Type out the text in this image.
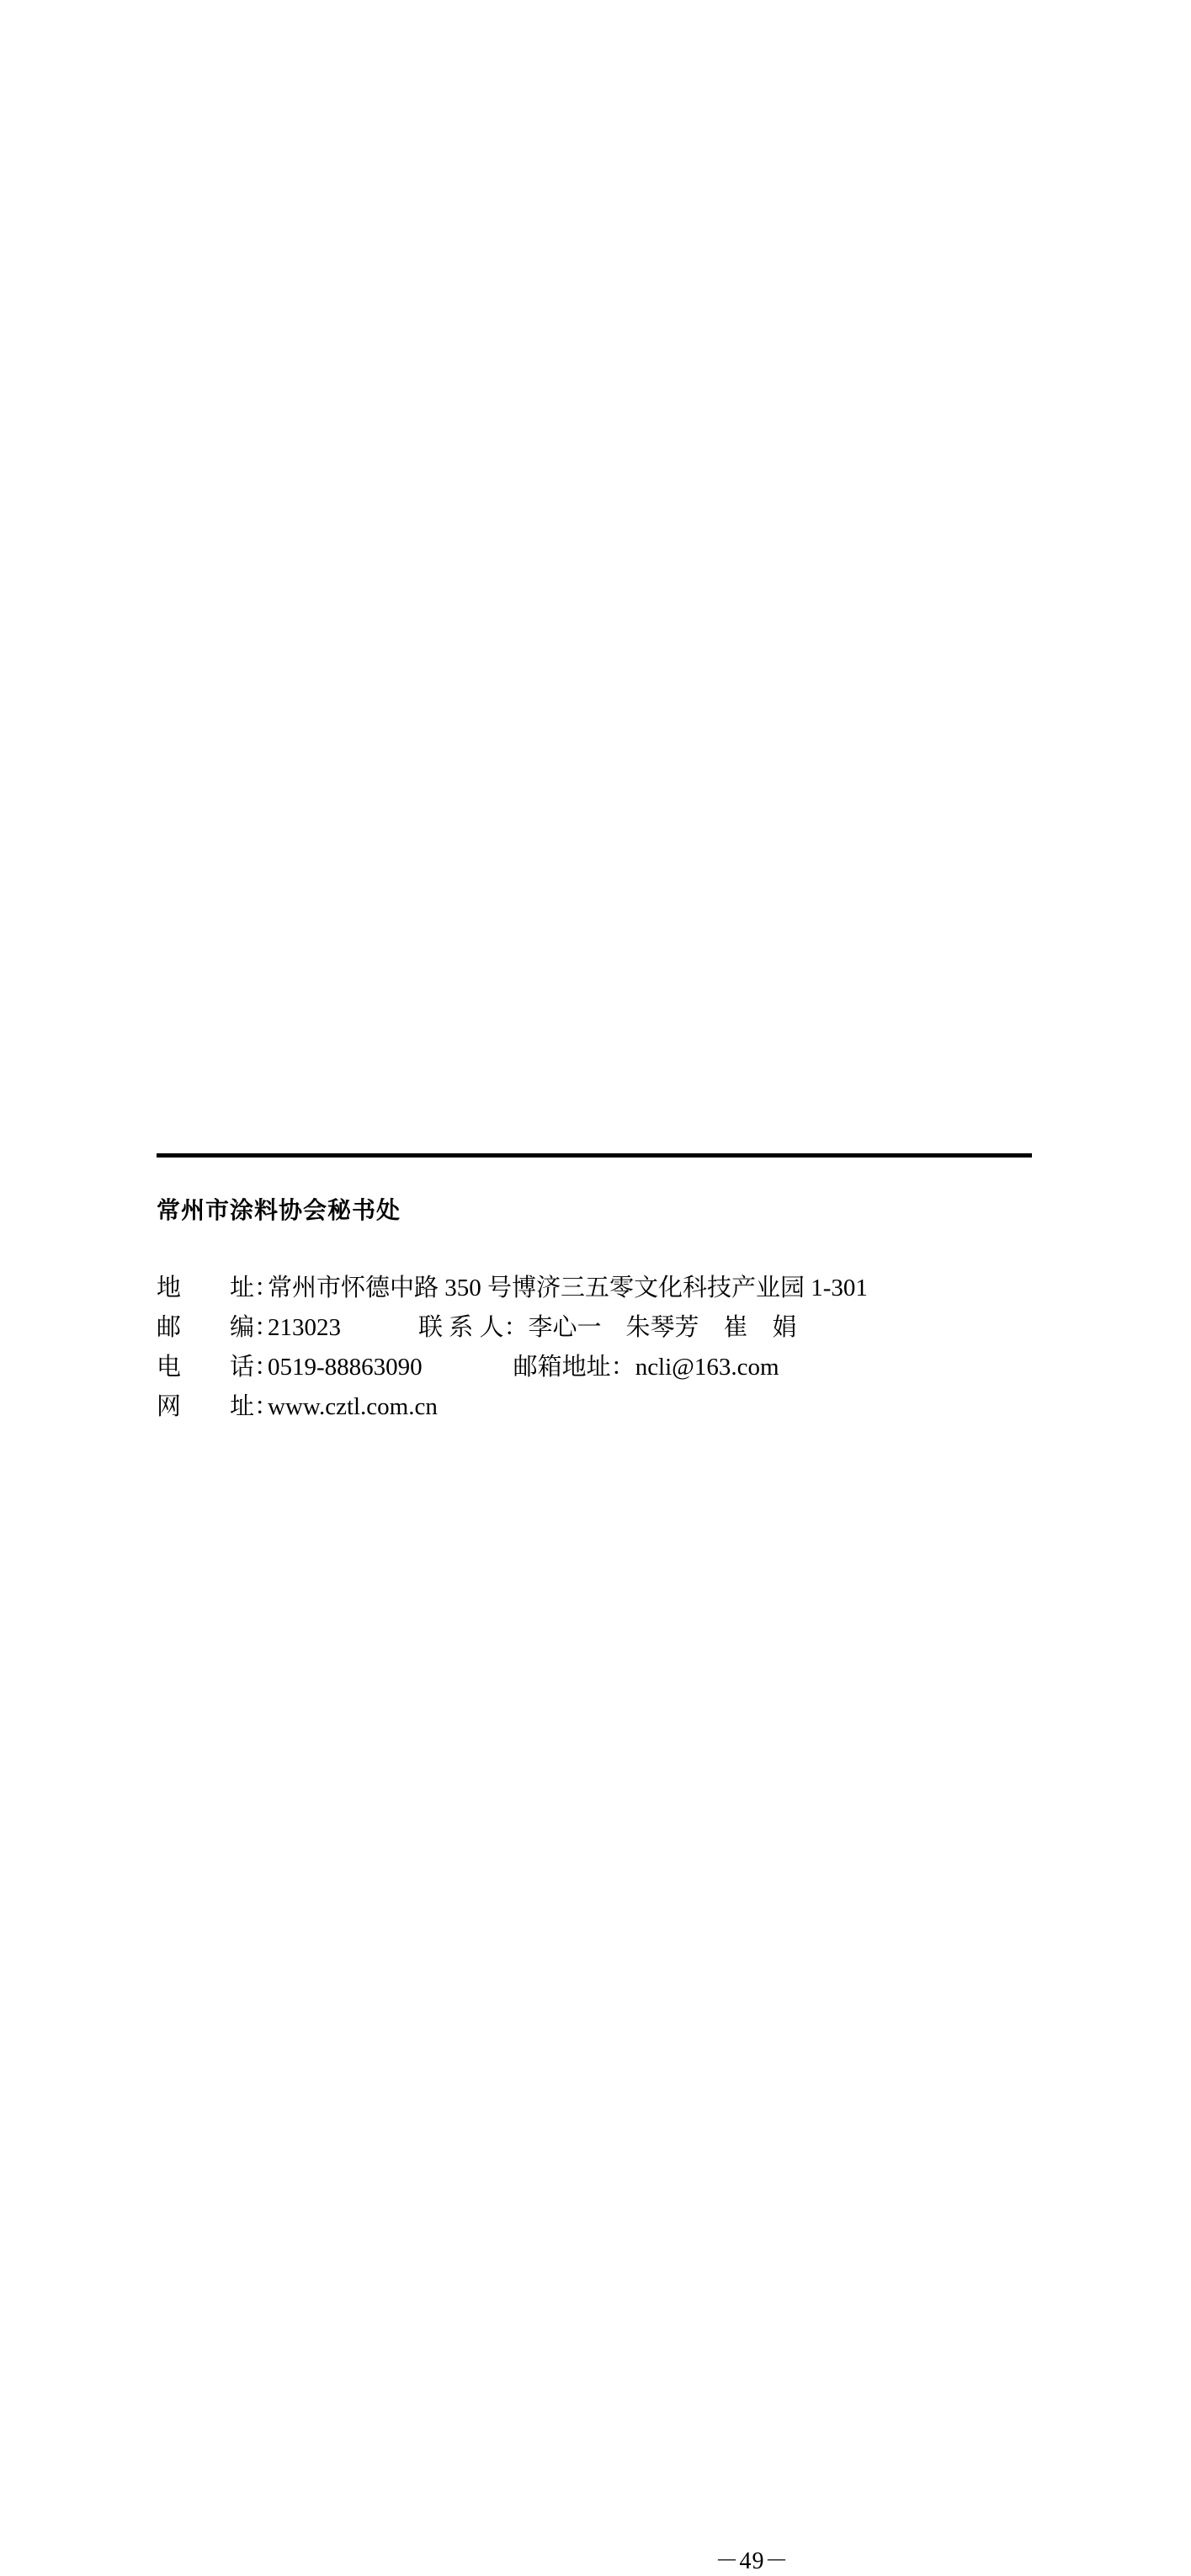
常州市涂料协会秘书处
地 址：常州市怀德中路 350 号博济三五零文化科技产业园 1-301
邮 编：213023	联 系 人：李心一　朱琴芳　崔　娟
电 话：0519-88863090	邮箱地址：ncli@163.com
网 址：www.cztl.com.cn
－49－
